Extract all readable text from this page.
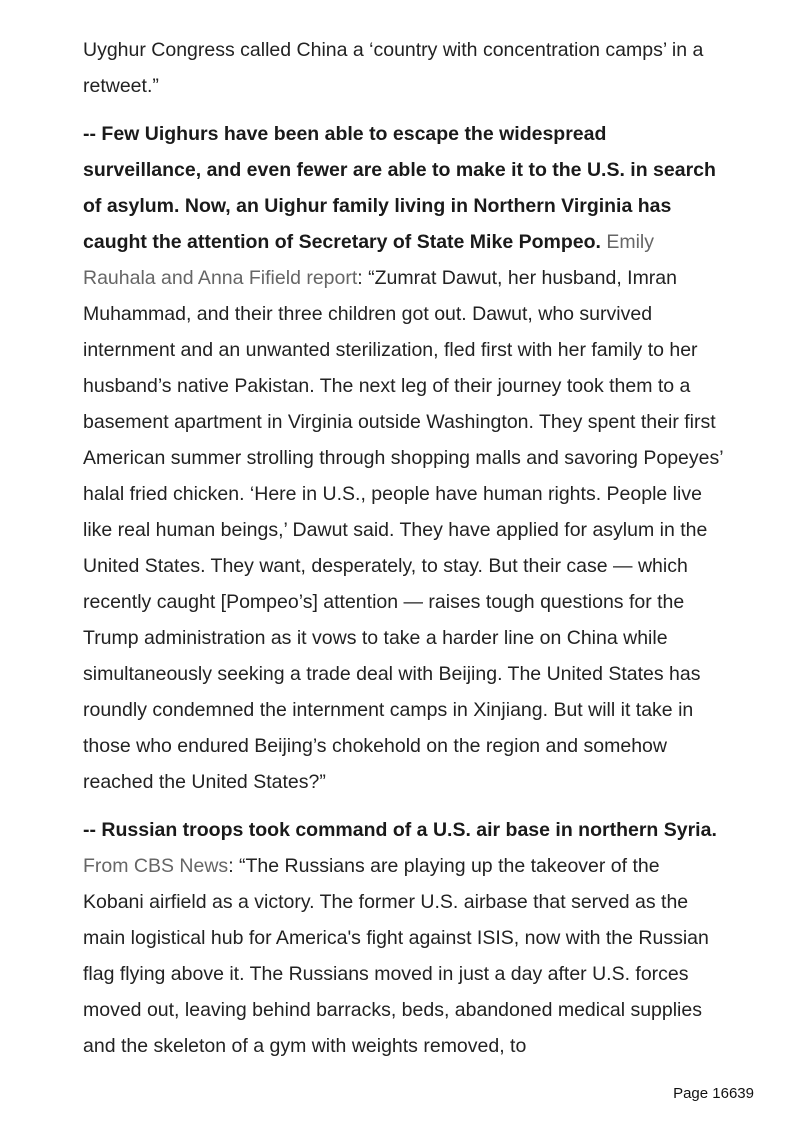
Uyghur Congress called China a ‘country with concentration camps’ in a retweet.”

-- Few Uighurs have been able to escape the widespread surveillance, and even fewer are able to make it to the U.S. in search of asylum. Now, an Uighur family living in Northern Virginia has caught the attention of Secretary of State Mike Pompeo. Emily Rauhala and Anna Fifield report: “Zumrat Dawut, her husband, Imran Muhammad, and their three children got out. Dawut, who survived internment and an unwanted sterilization, fled first with her family to her husband’s native Pakistan. The next leg of their journey took them to a basement apartment in Virginia outside Washington. They spent their first American summer strolling through shopping malls and savoring Popeyes’ halal fried chicken. ‘Here in U.S., people have human rights. People live like real human beings,’ Dawut said. They have applied for asylum in the United States. They want, desperately, to stay. But their case — which recently caught [Pompeo’s] attention — raises tough questions for the Trump administration as it vows to take a harder line on China while simultaneously seeking a trade deal with Beijing. The United States has roundly condemned the internment camps in Xinjiang. But will it take in those who endured Beijing’s chokehold on the region and somehow reached the United States?”

-- Russian troops took command of a U.S. air base in northern Syria. From CBS News: “The Russians are playing up the takeover of the Kobani airfield as a victory. The former U.S. airbase that served as the main logistical hub for America's fight against ISIS, now with the Russian flag flying above it. The Russians moved in just a day after U.S. forces moved out, leaving behind barracks, beds, abandoned medical supplies and the skeleton of a gym with weights removed, to

Page 16639
